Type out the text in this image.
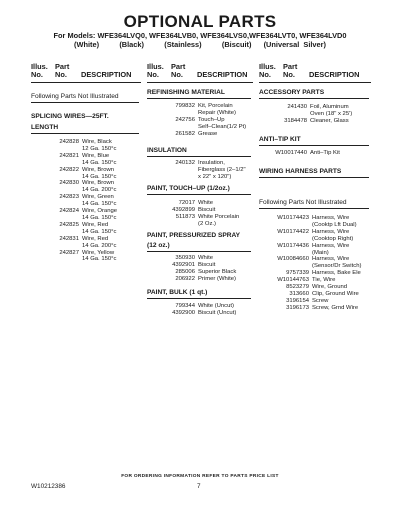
OPTIONAL PARTS
For Models: WFE364LVQ0, WFE364LVB0, WFE364LVS0,WFE364LVT0, WFE364LVD0
(White)     (Black)     (Stainless)     (Biscuit)   (Universal Silver)
Illus.
No.
Part
No.	DESCRIPTION
Following Parts Not Illustrated
SPLICING WIRES—25FT.
LENGTH
242828 Wire, Black
12 Ga. 150°c
242821 Wire, Blue
14 Ga. 150°c
242822 Wire, Brown
14 Ga. 150°c
242830 Wire, Brown
14 Ga. 200°c
242823 Wire, Green
14 Ga. 150°c
242824 Wire, Orange
14 Ga. 150°c
242825 Wire, Red
14 Ga. 150°c
242831 Wire, Red
14 Ga. 200°c
242827 Wire, Yellow
14 Ga. 150°c
Illus.
No.
Part
No.	DESCRIPTION
REFINISHING MATERIAL
799832 Kit, Porcelain
Repair (White)
242756 Touch–Up
Self–Clean(1/2 Pt)
261582 Grease
INSULATION
240132 Insulation,
Fiberglass (2–1/2"
x 22" x 120")
PAINT, TOUCH–UP (1/2oz.)
72017 White
4392899 Biscuit
511873 White Porcelain
(2 Oz.)
PAINT, PRESSURIZED SPRAY
(12 oz.)
350930 White
4392901 Biscuit
285006 Superior Black
206922 Primer (White)
PAINT, BULK (1 qt.)
799344 White (Uncut)
4392900 Biscuit (Uncut)
Illus.
No.
Part
No.	DESCRIPTION
ACCESSORY PARTS
241430 Foil, Aluminum
Oven (18" x 25')
3184478 Cleaner, Glass
ANTI–TIP KIT
W10017440 Anti–Tip Kit
WIRING HARNESS PARTS
Following Parts Not Illustrated
W10174423 Harness, Wire
(Cooktp Lft Dual)
W10174422 Harness, Wire
(Cooktop Right)
W10174436 Harness, Wire
(Main)
W10084660 Harness, Wire
(Sensor/Dr Switch)
9757339 Harness, Bake Ele
W10144763 Tie, Wire
8523279 Wire, Ground
313660 Clip, Ground Wire
3196154 Screw
3196173 Screw, Grnd Wire
FOR ORDERING INFORMATION REFER TO PARTS PRICE LIST
W10212386	7
